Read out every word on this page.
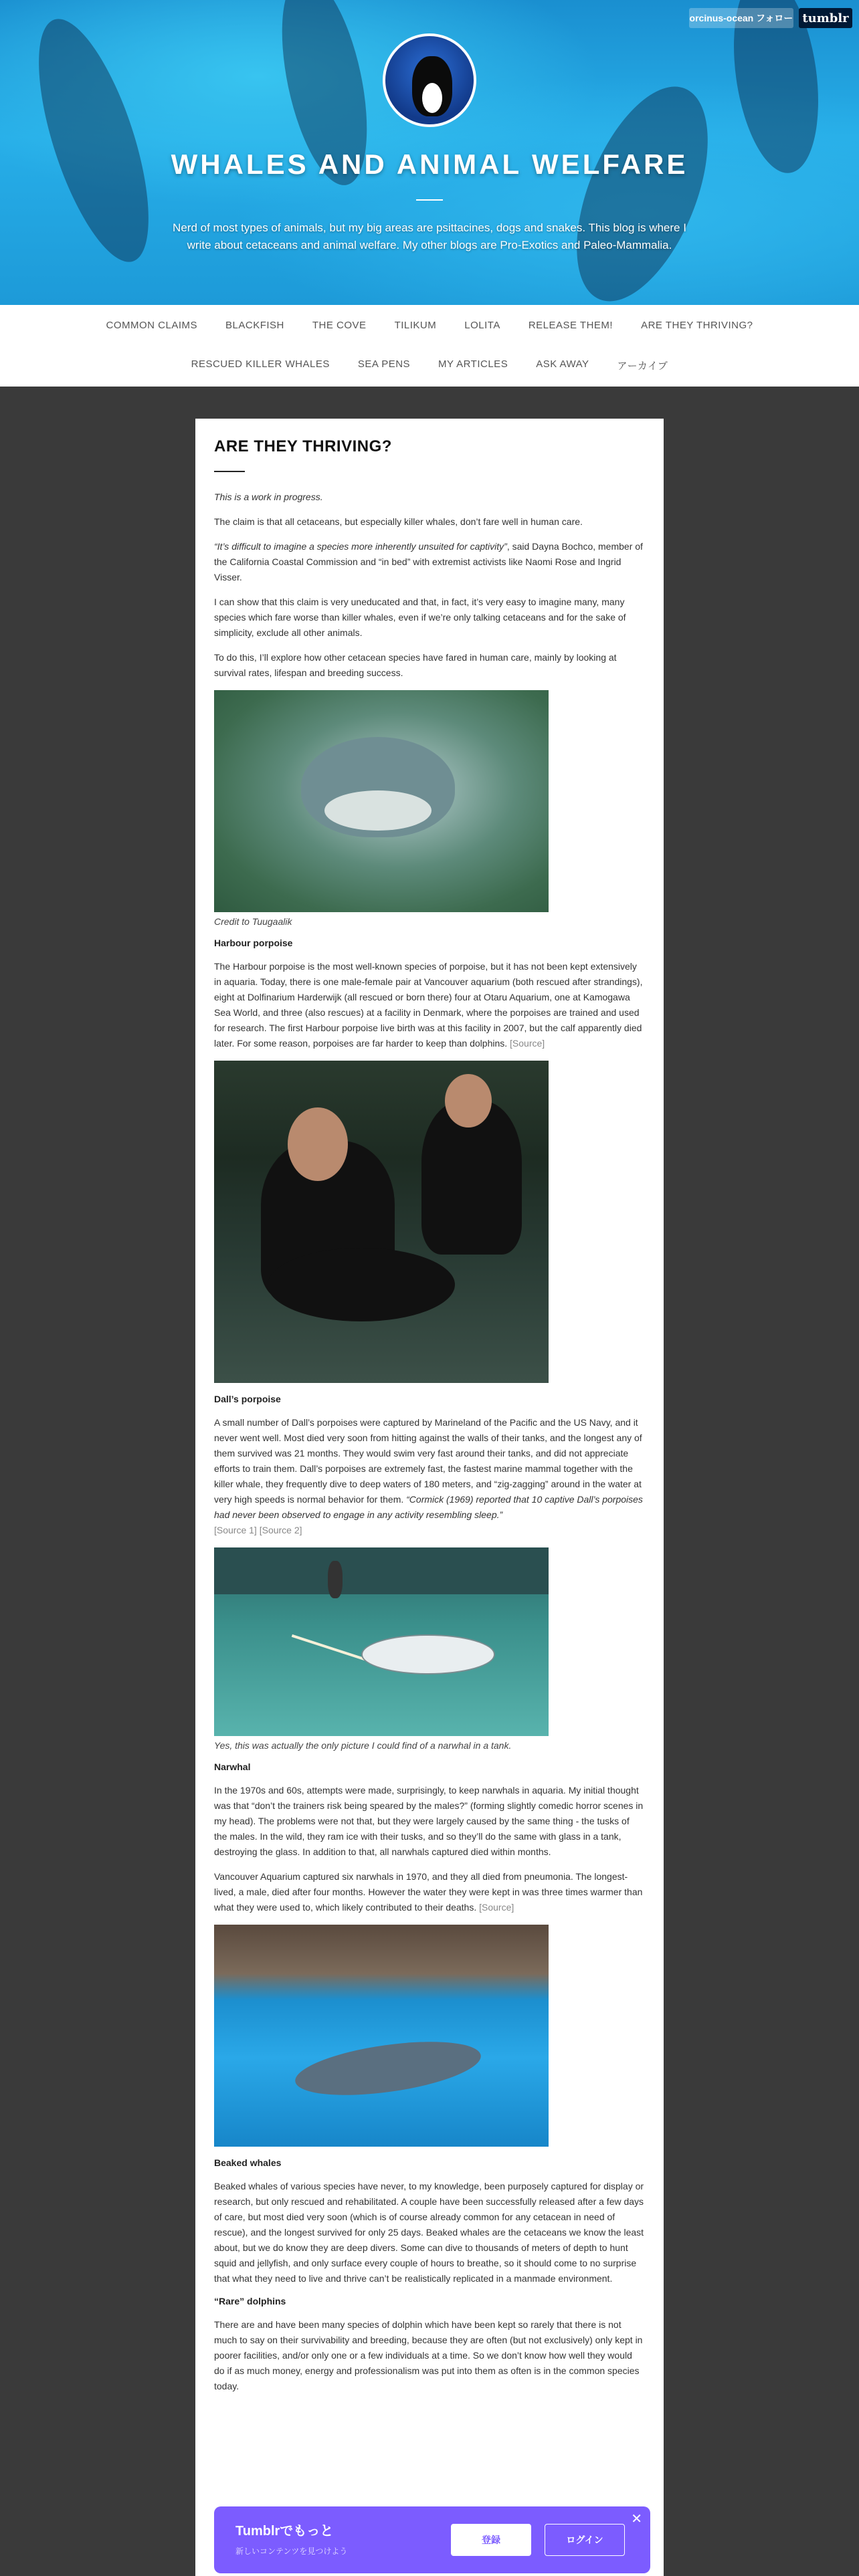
orcinus-ocean フォロー tumblr
WHALES AND ANIMAL WELFARE
Nerd of most types of animals, but my big areas are psittacines, dogs and snakes. This blog is where I write about cetaceans and animal welfare. My other blogs are Pro-Exotics and Paleo-Mammalia.
COMMON CLAIMS	BLACKFISH	THE COVE	TILIKUM	LOLITA	RELEASE THEM!	ARE THEY THRIVING?
RESCUED KILLER WHALES	SEA PENS	MY ARTICLES	ASK AWAY	アーカイブ
ARE THEY THRIVING?

This is a work in progress.

The claim is that all cetaceans, but especially killer whales, don’t fare well in human care.

“It’s difficult to imagine a species more inherently unsuited for captivity”, said Dayna Bochco, member of the California Coastal Commission and “in bed” with extremist activists like Naomi Rose and Ingrid Visser.

I can show that this claim is very uneducated and that, in fact, it’s very easy to imagine many, many species which fare worse than killer whales, even if we’re only talking cetaceans and for the sake of simplicity, exclude all other animals.

To do this, I’ll explore how other cetacean species have fared in human care, mainly by looking at survival rates, lifespan and breeding success.

Credit to Tuugaalik
Harbour porpoise

The Harbour porpoise is the most well-known species of porpoise, but it has not been kept extensively in aquaria. Today, there is one male-female pair at Vancouver aquarium (both rescued after strandings), eight at Dolfinarium Harderwijk (all rescued or born there) four at Otaru Aquarium, one at Kamogawa Sea World, and three (also rescues) at a facility in Denmark, where the porpoises are trained and used for research. The first Harbour porpoise live birth was at this facility in 2007, but the calf apparently died later. For some reason, porpoises are far harder to keep than dolphins. [Source]

Dall’s porpoise

A small number of Dall’s porpoises were captured by Marineland of the Pacific and the US Navy, and it never went well. Most died very soon from hitting against the walls of their tanks, and the longest any of them survived was 21 months. They would swim very fast around their tanks, and did not appreciate efforts to train them. Dall’s porpoises are extremely fast, the fastest marine mammal together with the killer whale, they frequently dive to deep waters of 180 meters, and “zig-zagging” around in the water at very high speeds is normal behavior for them. “Cormick (1969) reported that 10 captive Dall’s porpoises had never been observed to engage in any activity resembling sleep.”
[Source 1] [Source 2]

Yes, this was actually the only picture I could find of a narwhal in a tank.
Narwhal

In the 1970s and 60s, attempts were made, surprisingly, to keep narwhals in aquaria. My initial thought was that “don’t the trainers risk being speared by the males?” (forming slightly comedic horror scenes in my head). The problems were not that, but they were largely caused by the same thing - the tusks of the males. In the wild, they ram ice with their tusks, and so they’ll do the same with glass in a tank, destroying the glass. In addition to that, all narwhals captured died within months.

Vancouver Aquarium captured six narwhals in 1970, and they all died from pneumonia. The longest-lived, a male, died after four months. However the water they were kept in was three times warmer than what they were used to, which likely contributed to their deaths. [Source]

Beaked whales

Beaked whales of various species have never, to my knowledge, been purposely captured for display or research, but only rescued and rehabilitated. A couple have been successfully released after a few days of care, but most died very soon (which is of course already common for any cetacean in need of rescue), and the longest survived for only 25 days. Beaked whales are the cetaceans we know the least about, but we do know they are deep divers. Some can dive to thousands of meters of depth to hunt squid and jellyfish, and only surface every couple of hours to breathe, so it should come to no surprise that what they need to live and thrive can’t be realistically replicated in a manmade environment.

“Rare” dolphins

There are and have been many species of dolphin which have been kept so rarely that there is not much to say on their survivability and breeding, because they are often (but not exclusively) only kept in poorer facilities, and/or only one or a few individuals at a time. So we don’t know how well they would do if as much money, energy and professionalism was put into them as often is in the common species today.

Tumblrでもっと
新しいコンテンツを見つけよう
登録	ログイン
✕
